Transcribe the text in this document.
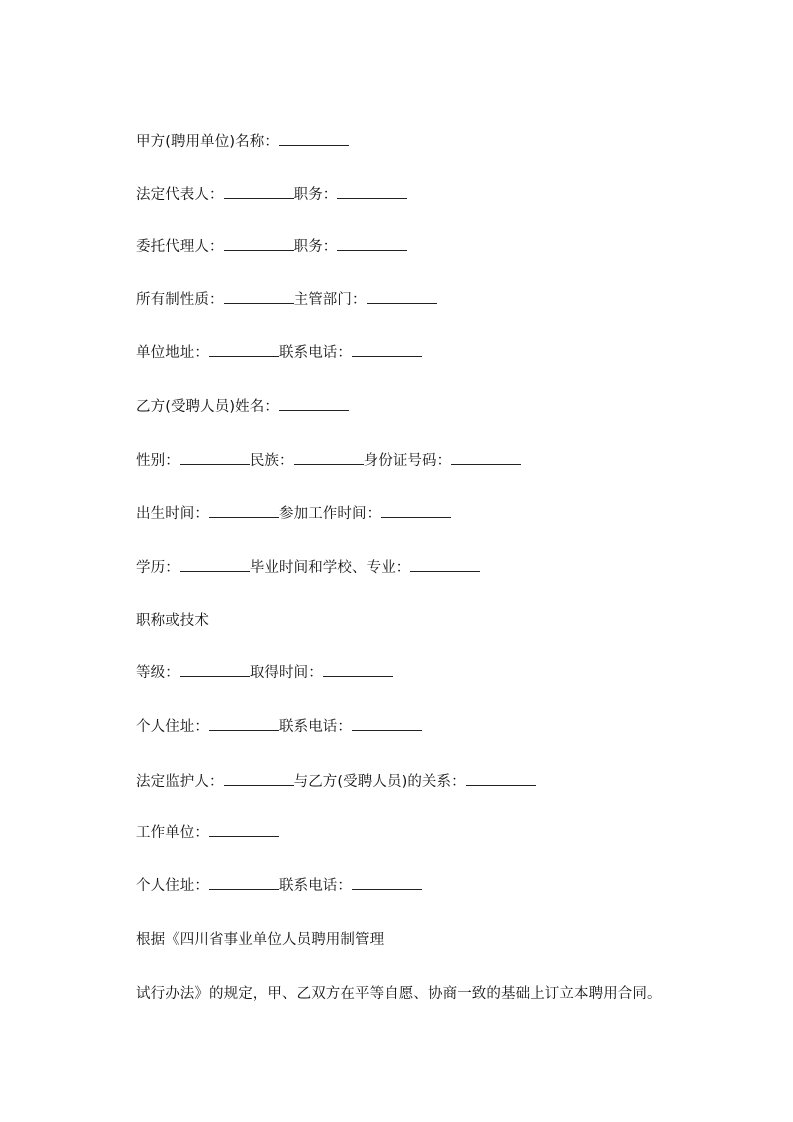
甲方(聘用单位)名称：
法定代表人：	职务：
委托代理人：	职务：
所有制性质：	主管部门：
单位地址：	联系电话：
乙方(受聘人员)姓名：
性别：	民族：	身份证号码：
出生时间：	参加工作时间：
学历：	毕业时间和学校、专业：
职称或技术
等级：	取得时间：
个人住址：	联系电话：
法定监护人：	与乙方(受聘人员)的关系：
工作单位：
个人住址：	联系电话：
根据《四川省事业单位人员聘用制管理
试行办法》的规定，甲、乙双方在平等自愿、协商一致的基础上订立本聘用合同。
